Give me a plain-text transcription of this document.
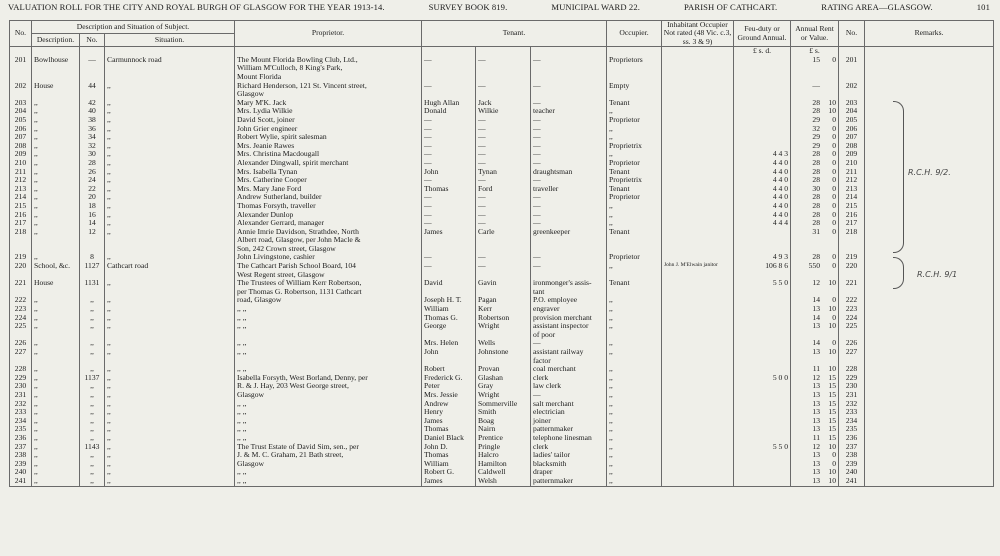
VALUATION ROLL FOR THE CITY AND ROYAL BURGH OF GLASGOW FOR THE YEAR 1913-14.	SURVEY BOOK 819.	MUNICIPAL WARD 22.	PARISH OF CATHCART.	RATING AREA—GLASGOW.	101
No.	Description and Situation of Subject.			Proprietor.	Tenant.			Occupier.	Inhabitant Occupier Not rated (48 Vic. c.3, ss. 3 & 9)	Feu-duty or Ground Annual.	Annual Rent or Value.	No.	Remarks.
	Description.	No.	Situation.										
										£ s. d.	£ s.		
201	Bowlhouse	—	Carmunnock road	The Mount Florida Bowling Club, Ltd.,	—	—	—	Proprietors			15 0	201	
				William M'Culloch, 8 King's Park,									
				Mount Florida									
202	House	44	,,	Richard Henderson, 121 St. Vincent street,	—	—	—	Empty			—	202	
				Glasgow									
203	,,	42	,,	Mary M'K. Jack	Hugh Allan	Jack	—	Tenant			28 10	203	
204	,,	40	,,	Mrs. Lydia Wilkie	Donald	Wilkie	teacher	,,			28 10	204	
205	,,	38	,,	David Scott, joiner	—	—	—	Proprietor			29 0	205	
206	,,	36	,,	John Grier engineer	—	—	—	,,			32 0	206	
207	,,	34	,,	Robert Wylie, spirit salesman	—	—	—	,,			29 0	207	
208	,,	32	,,	Mrs. Jeanie Rawes	—	—	—	Proprietrix			29 0	208	
209	,,	30	,,	Mrs. Christina Macdougall	—	—	—	,,		4 4 3	28 0	209	
210	,,	28	,,	Alexander Dingwall, spirit merchant	—	—	—	Proprietor		4 4 0	28 0	210	
211	,,	26	,,	Mrs. Isabella Tynan	John	Tynan	draughtsman	Tenant		4 4 0	28 0	211	
212	,,	24	,,	Mrs. Catherine Cooper	—	—	—	Proprietrix		4 4 0	28 0	212	
213	,,	22	,,	Mrs. Mary Jane Ford	Thomas	Ford	traveller	Tenant		4 4 0	30 0	213	
214	,,	20	,,	Andrew Sutherland, builder	—	—	—	Proprietor		4 4 0	28 0	214	
215	,,	18	,,	Thomas Forsyth, traveller	—	—	—	,,		4 4 0	28 0	215	
216	,,	16	,,	Alexander Dunlop	—	—	—	,,		4 4 0	28 0	216	
217	,,	14	,,	Alexander Gerrard, manager	—	—	—	,,		4 4 4	28 0	217	
218	,,	12	,,	Annie Imrie Davidson, Strathdee, North	James	Carle	greenkeeper	Tenant			31 0	218	
				Albert road, Glasgow, per John Macle &									
				Son, 242 Crown street, Glasgow									
219	,,	8	,,	John Livingstone, cashier	—	—	—	Proprietor		4 9 3	28 0	219	
220	School, &c.	1127	Cathcart road	The Cathcart Parish School Board, 104	—	—	—	,,	John J. M'Elwain janitor	106 8 6	550 0	220	
				West Regent street, Glasgow									
221	House	1131	,,	The Trustees of William Kerr Robertson,	David	Gavin	ironmonger's assis-	Tenant		5 5 0	12 10	221	
				per Thomas G. Robertson, 1131 Cathcart			tant						
222	,,	,,	,,	road, Glasgow	Joseph H. T.	Pagan	P.O. employee	,,			14 0	222	
223	,,	,,	,,	,, ,,	William	Kerr	engraver	,,			13 10	223	
224	,,	,,	,,	,, ,,	Thomas G.	Robertson	provision merchant	,,			14 0	224	
225	,,	,,	,,	,, ,,	George	Wright	assistant inspector	,,			13 10	225	
							of poor						
226	,,	,,	,,	,, ,,	Mrs. Helen	Wells	—	,,			14 0	226	
227	,,	,,	,,	,, ,,	John	Johnstone	assistant railway	,,			13 10	227	
							factor						
228	,,	,,	,,	,, ,,	Robert	Provan	coal merchant	,,			11 10	228	
229	,,	1137	,,	Isabella Forsyth, West Borland, Denny, per	Frederick G.	Glashan	clerk	,,		5 0 0	12 15	229	
230	,,	,,	,,	R. & J. Hay, 203 West George street,	Peter	Gray	law clerk	,,			13 15	230	
231	,,	,,	,,	Glasgow	Mrs. Jessie	Wright	—	,,			13 15	231	
232	,,	,,	,,	,, ,,	Andrew	Sommerville	salt merchant	,,			13 15	232	
233	,,	,,	,,	,, ,,	Henry	Smith	electrician	,,			13 15	233	
234	,,	,,	,,	,, ,,	James	Boag	joiner	,,			13 15	234	
235	,,	,,	,,	,, ,,	Thomas	Nairn	patternmaker	,,			13 15	235	
236	,,	,,	,,	,, ,,	Daniel Black	Prentice	telephone linesman	,,			11 15	236	
237	,,	1143	,,	The Trust Estate of David Sim, sen., per	John D.	Pringle	clerk	,,		5 5 0	12 10	237	
238	,,	,,	,,	J. & M. C. Graham, 21 Bath street,	Thomas	Halcro	ladies' tailor	,,			13 0	238	
239	,,	,,	,,	Glasgow	William	Hamilton	blacksmith	,,			13 0	239	
240	,,	,,	,,	,, ,,	Robert G.	Caldwell	draper	,,			13 10	240	
241	,,	,,	,,	,, ,,	James	Welsh	patternmaker	,,			13 10	241	
R.C.H. 9/2.
R.C.H. 9/1
